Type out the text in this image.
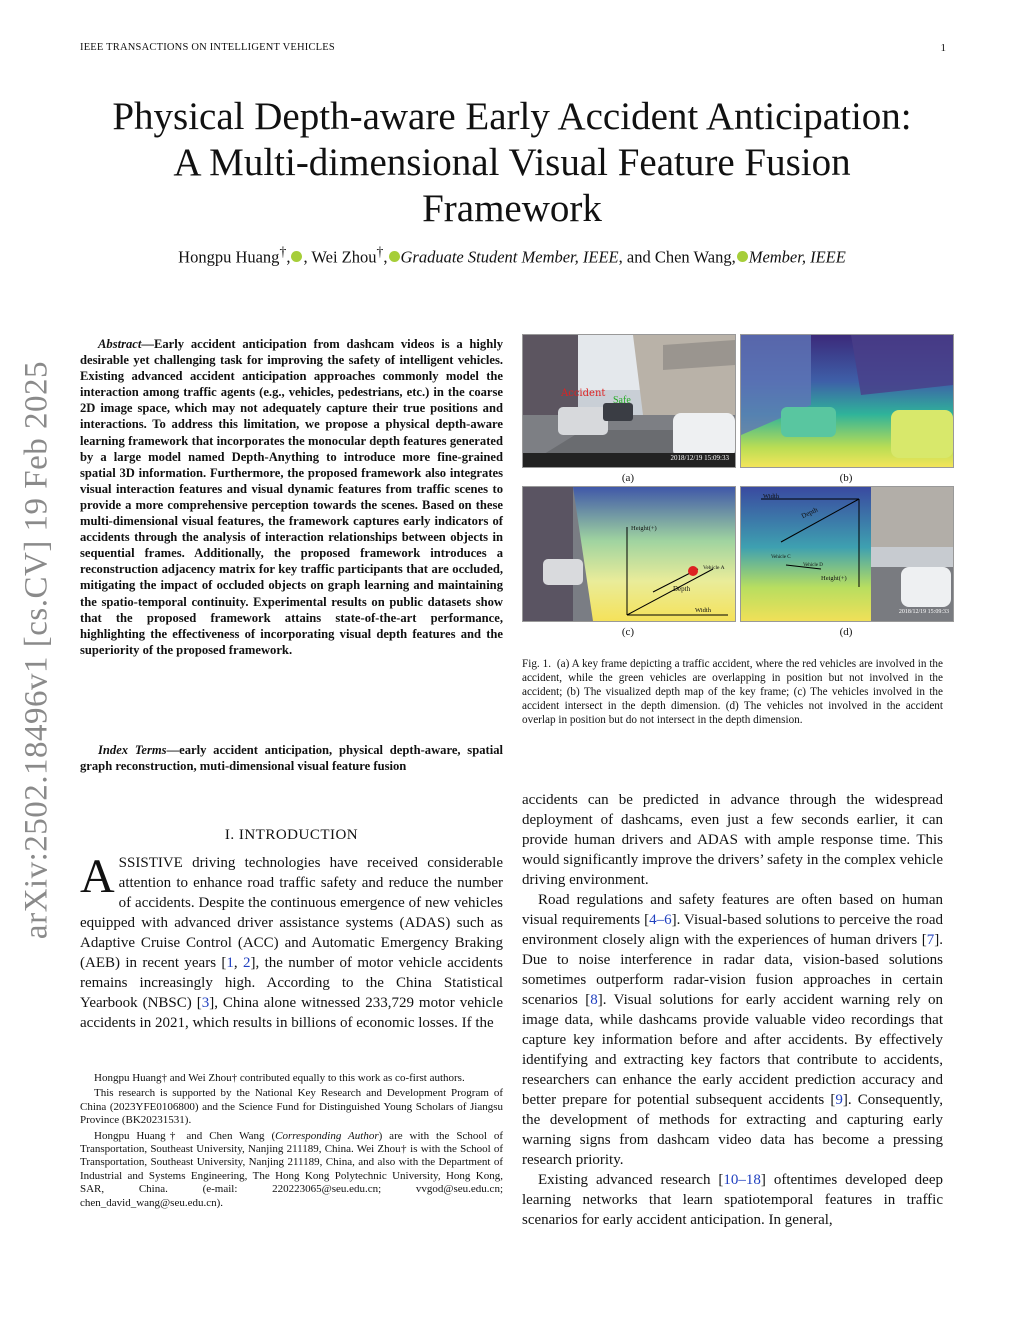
IEEE TRANSACTIONS ON INTELLIGENT VEHICLES	1
arXiv:2502.18496v1 [cs.CV] 19 Feb 2025
Physical Depth-aware Early Accident Anticipation:
A Multi-dimensional Visual Feature Fusion
Framework
Hongpu Huang†, , Wei Zhou†, Graduate Student Member, IEEE, and Chen Wang, Member, IEEE

Abstract—Early accident anticipation from dashcam videos is a highly desirable yet challenging task for improving the safety of intelligent vehicles. Existing advanced accident anticipation approaches commonly model the interaction among traffic agents (e.g., vehicles, pedestrians, etc.) in the coarse 2D image space, which may not adequately capture their true positions and interactions. To address this limitation, we propose a physical depth-aware learning framework that incorporates the monocular depth features generated by a large model named Depth-Anything to introduce more fine-grained spatial 3D information. Furthermore, the proposed framework also integrates visual interaction features and visual dynamic features from traffic scenes to provide a more comprehensive perception towards the scenes. Based on these multi-dimensional visual features, the framework captures early indicators of accidents through the analysis of interaction relationships between objects in sequential frames. Additionally, the proposed framework introduces a reconstruction adjacency matrix for key traffic participants that are occluded, mitigating the impact of occluded objects on graph learning and maintaining the spatio-temporal continuity. Experimental results on public datasets show that the proposed framework attains state-of-the-art performance, highlighting the effectiveness of incorporating visual depth features and the superiority of the proposed framework.

Index Terms—early accident anticipation, physical depth-aware, spatial graph reconstruction, muti-dimensional visual feature fusion

I. INTRODUCTION

ASSISTIVE driving technologies have received considerable attention to enhance road traffic safety and reduce the number of accidents. Despite the continuous emergence of new vehicles equipped with advanced driver assistance systems (ADAS) such as Adaptive Cruise Control (ACC) and Automatic Emergency Braking (AEB) in recent years [1, 2], the number of motor vehicle accidents remains increasingly high. According to the China Statistical Yearbook (NBSC) [3], China alone witnessed 233,729 motor vehicle accidents in 2021, which results in billions of economic losses. If the

Hongpu Huang† and Wei Zhou† contributed equally to this work as co-first authors.

This research is supported by the National Key Research and Development Program of China (2023YFE0106800) and the Science Fund for Distinguished Young Scholars of Jiangsu Province (BK20231531).

Hongpu Huang† and Chen Wang (Corresponding Author) are with the School of Transportation, Southeast University, Nanjing 211189, China. Wei Zhou† is with the School of Transportation, Southeast University, Nanjing 211189, China, and also with the Department of Industrial and Systems Engineering, The Hong Kong Polytechnic University, Hong Kong, SAR, China. (e-mail: 220223065@seu.edu.cn; vvgod@seu.edu.cn; chen_david_wang@seu.edu.cn).

Accident
Safe
2018/12/19 15:09:33
(a)	(b)
Height(+)
Depth
Width
Vehicle A
Width
Depth
Height(+)
Vehicle C
Vehicle D
2018/12/19 15:09:33
(c)	(d)
Fig. 1. (a) A key frame depicting a traffic accident, where the red vehicles are involved in the accident, while the green vehicles are overlapping in position but not involved in the accident; (b) The visualized depth map of the key frame; (c) The vehicles involved in the accident intersect in the depth dimension. (d) The vehicles not involved in the accident overlap in position but do not intersect in the depth dimension.

accidents can be predicted in advance through the widespread deployment of dashcams, even just a few seconds earlier, it can provide human drivers and ADAS with ample response time. This would significantly improve the drivers’ safety in the complex vehicle driving environment.

Road regulations and safety features are often based on human visual requirements [4–6]. Visual-based solutions to perceive the road environment closely align with the experiences of human drivers [7]. Due to noise interference in radar data, vision-based solutions sometimes outperform radar-vision fusion approaches in certain scenarios [8]. Visual solutions for early accident warning rely on image data, while dashcams provide valuable video recordings that capture key information before and after accidents. By effectively identifying and extracting key factors that contribute to accidents, researchers can enhance the early accident prediction accuracy and better prepare for potential subsequent accidents [9]. Consequently, the development of methods for extracting and capturing early warning signs from dashcam video data has become a pressing research priority.

Existing advanced research [10–18] oftentimes developed deep learning networks that learn spatiotemporal features in traffic scenarios for early accident anticipation. In general,
